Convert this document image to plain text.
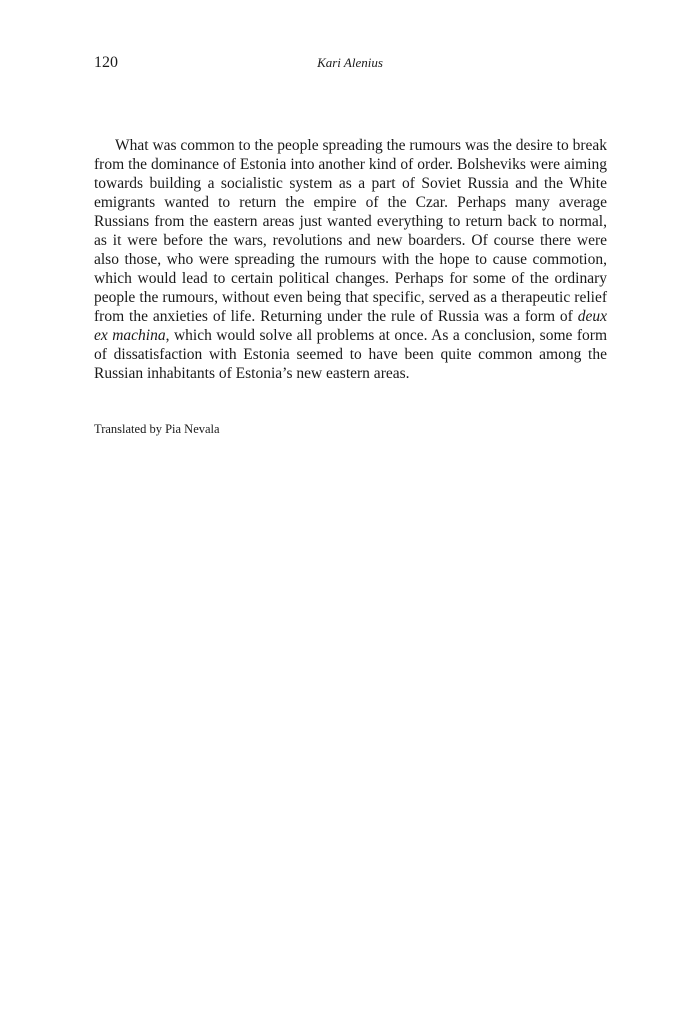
120	Kari Alenius

What was common to the people spreading the rumours was the desire to break from the dominance of Estonia into another kind of order. Bolsheviks were aiming towards building a socialistic system as a part of Soviet Russia and the White emigrants wanted to return the empire of the Czar. Perhaps many average Russians from the eastern areas just wanted everything to return back to normal, as it were before the wars, revolutions and new boarders. Of course there were also those, who were spreading the rumours with the hope to cause commotion, which would lead to certain political changes. Perhaps for some of the ordinary people the rumours, without even being that specific, served as a therapeutic relief from the anxieties of life. Returning under the rule of Russia was a form of deux ex machina, which would solve all problems at once. As a conclusion, some form of dissatisfaction with Estonia seemed to have been quite common among the Russian inhabitants of Estonia’s new eastern areas.

Translated by Pia Nevala
